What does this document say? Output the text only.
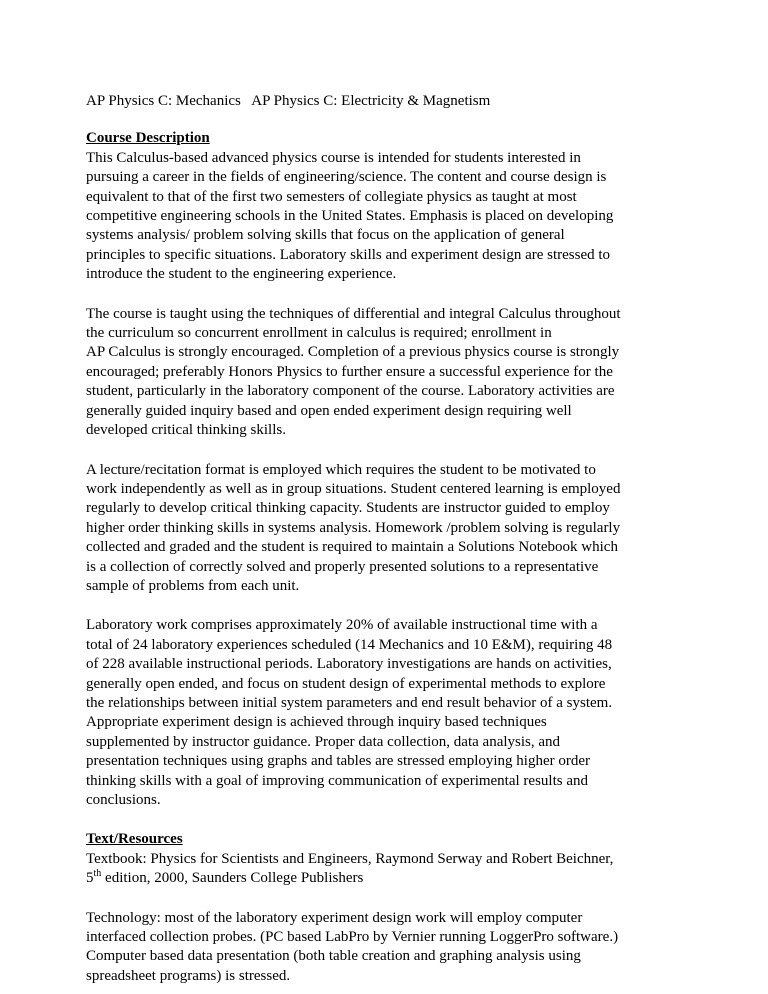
AP Physics C: Mechanics   AP Physics C: Electricity & Magnetism
Course Description

This Calculus-based advanced physics course is intended for students interested in
pursuing a career in the fields of engineering/science. The content and course design is
equivalent to that of the first two semesters of collegiate physics as taught at most
competitive engineering schools in the United States. Emphasis is placed on developing
systems analysis/ problem solving skills that focus on the application of general
principles to specific situations. Laboratory skills and experiment design are stressed to
introduce the student to the engineering experience.

The course is taught using the techniques of differential and integral Calculus throughout
the curriculum so concurrent enrollment in calculus is required; enrollment in
AP Calculus is strongly encouraged. Completion of a previous physics course is strongly
encouraged; preferably Honors Physics to further ensure a successful experience for the
student, particularly in the laboratory component of the course. Laboratory activities are
generally guided inquiry based and open ended experiment design requiring well
developed critical thinking skills.

A lecture/recitation format is employed which requires the student to be motivated to
work independently as well as in group situations. Student centered learning is employed
regularly to develop critical thinking capacity. Students are instructor guided to employ
higher order thinking skills in systems analysis. Homework /problem solving is regularly
collected and graded and the student is required to maintain a Solutions Notebook which
is a collection of correctly solved and properly presented solutions to a representative
sample of problems from each unit.

Laboratory work comprises approximately 20% of available instructional time with a
total of 24 laboratory experiences scheduled (14 Mechanics and 10 E&M), requiring 48
of 228 available instructional periods. Laboratory investigations are hands on activities,
generally open ended, and focus on student design of experimental methods to explore
the relationships between initial system parameters and end result behavior of a system.
Appropriate experiment design is achieved through inquiry based techniques
supplemented by instructor guidance. Proper data collection, data analysis, and
presentation techniques using graphs and tables are stressed employing higher order
thinking skills with a goal of improving communication of experimental results and
conclusions.

Text/Resources
Textbook: Physics for Scientists and Engineers, Raymond Serway and Robert Beichner,
5th edition, 2000, Saunders College Publishers

Technology: most of the laboratory experiment design work will employ computer
interfaced collection probes. (PC based LabPro by Vernier running LoggerPro software.)
Computer based data presentation (both table creation and graphing analysis using
spreadsheet programs) is stressed.
